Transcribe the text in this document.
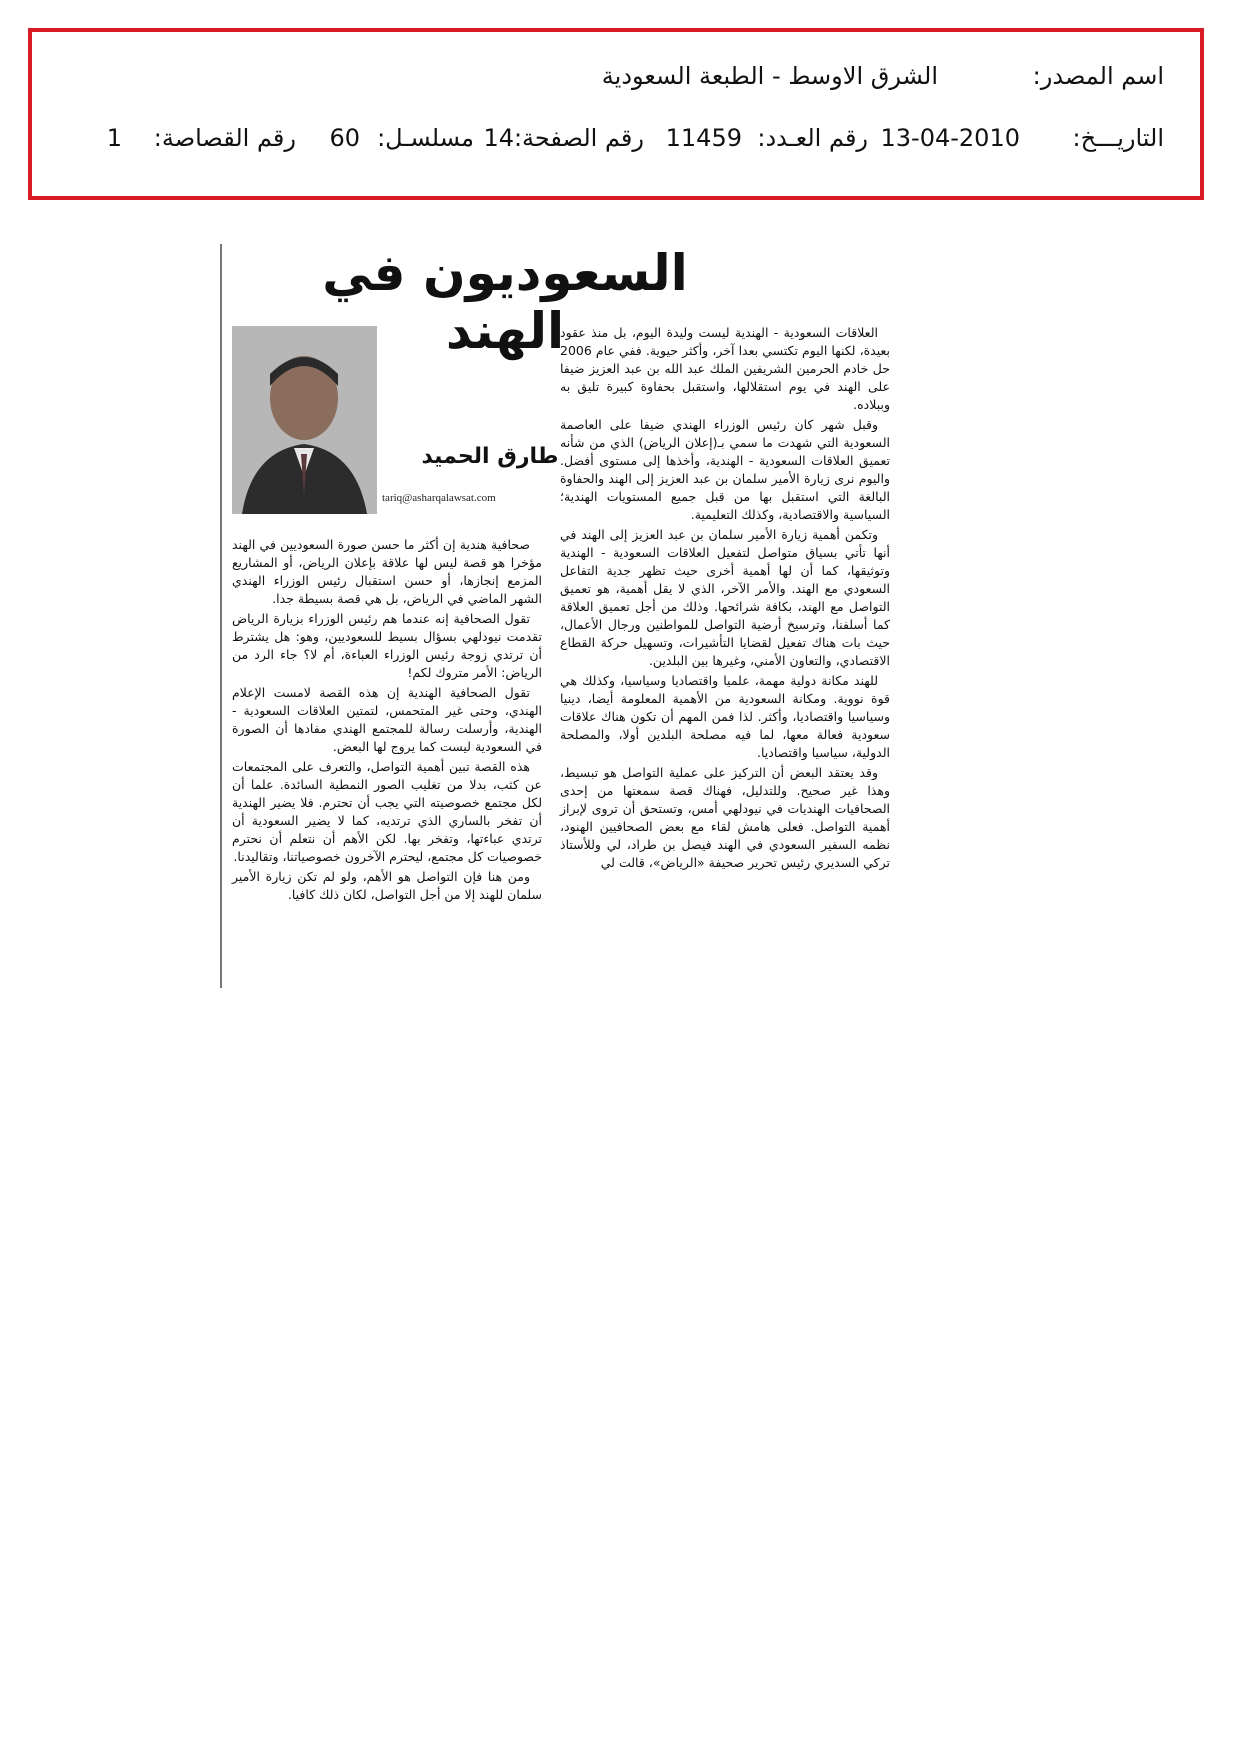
اسم المصدر:
الشرق الاوسط - الطبعة السعودية
التاريـــخ:
13-04-2010
رقم العـدد:
11459
رقم الصفحة:
14
مسلسـل:
60
رقم القصاصة:
1
السعوديون في الهند
طارق الحميد
tariq@asharqalawsat.com

العلاقات السعودية - الهندية ليست وليدة اليوم، بل منذ عقود بعيدة، لكنها اليوم تكتسي بعدا آخر، وأكثر حيوية. ففي عام 2006 حل خادم الحرمين الشريفين الملك عبد الله بن عبد العزيز ضيفا على الهند في يوم استقلالها، واستقبل بحفاوة كبيرة تليق به وببلاده.

وقبل شهر كان رئيس الوزراء الهندي ضيفا على العاصمة السعودية التي شهدت ما سمي بـ(إعلان الرياض) الذي من شأنه تعميق العلاقات السعودية - الهندية، وأخذها إلى مستوى أفضل. واليوم نرى زيارة الأمير سلمان بن عبد العزيز إلى الهند والحفاوة البالغة التي استقبل بها من قبل جميع المستويات الهندية؛ السياسية والاقتصادية، وكذلك التعليمية.

وتكمن أهمية زيارة الأمير سلمان بن عبد العزيز إلى الهند في أنها تأتي بسياق متواصل لتفعيل العلاقات السعودية - الهندية وتوثيقها، كما أن لها أهمية أخرى حيث تظهر جدية التفاعل السعودي مع الهند. والأمر الآخر، الذي لا يقل أهمية، هو تعميق التواصل مع الهند، بكافة شرائحها. وذلك من أجل تعميق العلاقة كما أسلفنا، وترسيخ أرضية التواصل للمواطنين ورجال الأعمال، حيث بات هناك تفعيل لقضايا التأشيرات، وتسهيل حركة القطاع الاقتصادي، والتعاون الأمني، وغيرها بين البلدين.

للهند مكانة دولية مهمة، علميا واقتصاديا وسياسيا، وكذلك هي قوة نووية. ومكانة السعودية من الأهمية المعلومة أيضا، دينيا وسياسيا واقتصاديا، وأكثر. لذا فمن المهم أن تكون هناك علاقات سعودية فعالة معها، لما فيه مصلحة البلدين أولا، والمصلحة الدولية، سياسيا واقتصاديا.

وقد يعتقد البعض أن التركيز على عملية التواصل هو تبسيط، وهذا غير صحيح. وللتدليل، فهناك قصة سمعتها من إحدى الصحافيات الهنديات في نيودلهي أمس، وتستحق أن تروى لإبراز أهمية التواصل. فعلى هامش لقاء مع بعض الصحافيين الهنود، نظمه السفير السعودي في الهند فيصل بن طراد، لي وللأستاذ تركي السديري رئيس تحرير صحيفة «الرياض»، قالت لي

صحافية هندية إن أكثر ما حسن صورة السعوديين في الهند مؤخرا هو قصة ليس لها علاقة بإعلان الرياض، أو المشاريع المزمع إنجازها، أو حسن استقبال رئيس الوزراء الهندي الشهر الماضي في الرياض، بل هي قصة بسيطة جدا.

تقول الصحافية إنه عندما هم رئيس الوزراء بزيارة الرياض تقدمت نيودلهي بسؤال بسيط للسعوديين، وهو: هل يشترط أن ترتدي زوجة رئيس الوزراء العباءة، أم لا؟ جاء الرد من الرياض: الأمر متروك لكم!

تقول الصحافية الهندية إن هذه القصة لامست الإعلام الهندي، وحتى غير المتحمس، لتمتين العلاقات السعودية - الهندية، وأرسلت رسالة للمجتمع الهندي مفادها أن الصورة في السعودية ليست كما يروج لها البعض.

هذه القصة تبين أهمية التواصل، والتعرف على المجتمعات عن كثب، بدلا من تغليب الصور النمطية السائدة. علما أن لكل مجتمع خصوصيته التي يجب أن تحترم. فلا يضير الهندية أن تفخر بالساري الذي ترتديه، كما لا يضير السعودية أن ترتدي عباءتها، وتفخر بها. لكن الأهم أن نتعلم أن نحترم خصوصيات كل مجتمع، ليحترم الآخرون خصوصياتنا، وتقاليدنا.

ومن هنا فإن التواصل هو الأهم، ولو لم تكن زيارة الأمير سلمان للهند إلا من أجل التواصل، لكان ذلك كافيا.
